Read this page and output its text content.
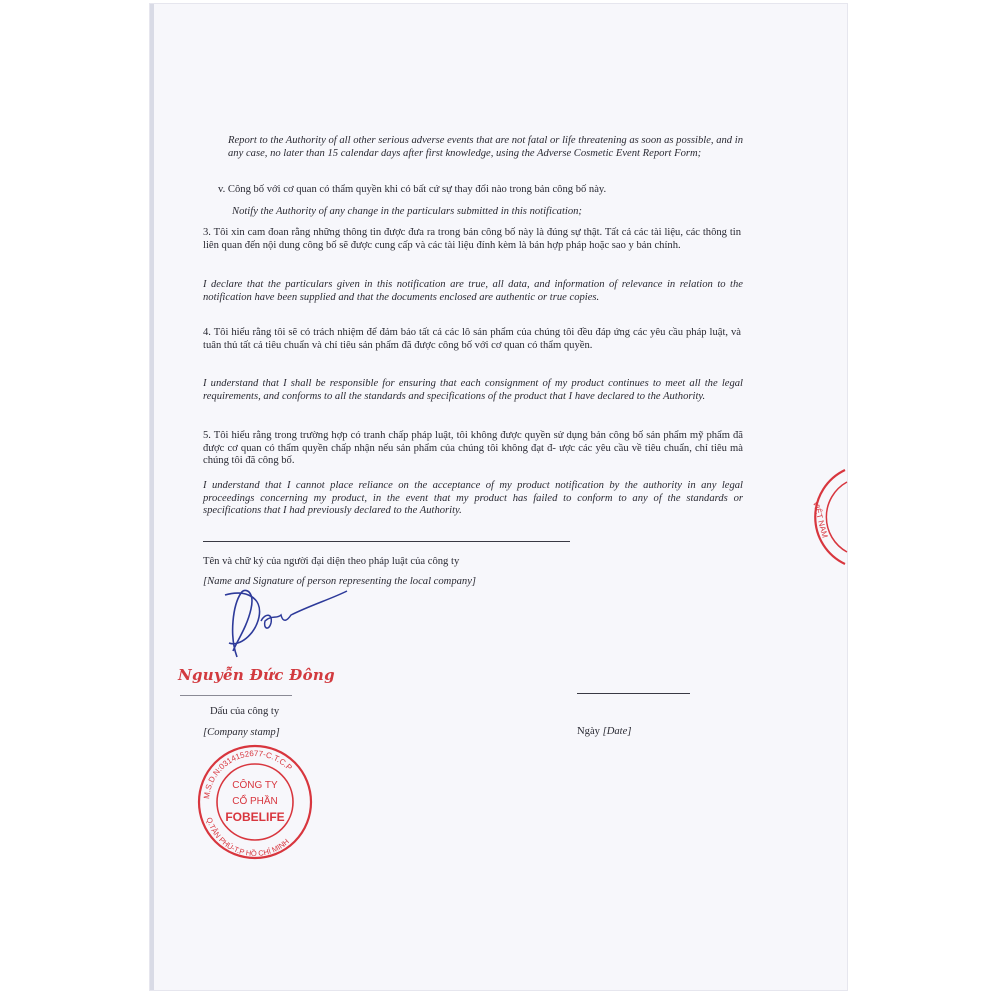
Report to the Authority of all other serious adverse events that are not fatal or life threatening as soon as possible, and in any case, no later than 15 calendar days after first knowledge, using the Adverse Cosmetic Event Report Form;
v. Công bố với cơ quan có thẩm quyền khi có bất cứ sự thay đổi nào trong bản công bố này.
Notify the Authority of any change in the particulars submitted in this notification;
3. Tôi xin cam đoan rằng những thông tin được đưa ra trong bản công bố này là đúng sự thật. Tất cả các tài liệu, các thông tin liên quan đến nội dung công bố sẽ được cung cấp và các tài liệu đính kèm là bản hợp pháp hoặc sao y bản chính.
I declare that the particulars given in this notification are true, all data, and information of relevance in relation to the notification have been supplied and that the documents enclosed are authentic or true copies.
4. Tôi hiểu rằng tôi sẽ có trách nhiệm để đảm bảo tất cả các lô sản phẩm của chúng tôi đều đáp ứng các yêu cầu pháp luật, và tuân thủ tất cả tiêu chuẩn và chỉ tiêu sản phẩm đã được công bố với cơ quan có thẩm quyền.
I understand that I shall be responsible for ensuring that each consignment of my product continues to meet all the legal requirements, and conforms to all the standards and specifications of the product that I have declared to the Authority.
5. Tôi hiểu rằng trong trường hợp có tranh chấp pháp luật, tôi không được quyền sử dụng bản công bố sản phẩm mỹ phẩm đã được cơ quan có thẩm quyền chấp nhận nếu sản phẩm của chúng tôi không đạt đ- ược các yêu cầu về tiêu chuẩn, chỉ tiêu mà chúng tôi đã công bố.
I understand that I cannot place reliance on the acceptance of my product notification by the authority in any legal proceedings concerning my product, in the event that my product has failed to conform to any of the standards or specifications that I had previously declared to the Authority.
Tên và chữ ký của người đại diện theo pháp luật của công ty
[Name and Signature of person representing the local company]
Nguyễn Đức Đông
Dấu của công ty
[Company stamp]	Ngày [Date]
M.S.D.N:0314152677-C.T.C.P
Q.TÂN PHÚ-T.P HỒ CHÍ MINH
CÔNG TY
CỔ PHẦN
FOBELIFE
VIỆT NAM
